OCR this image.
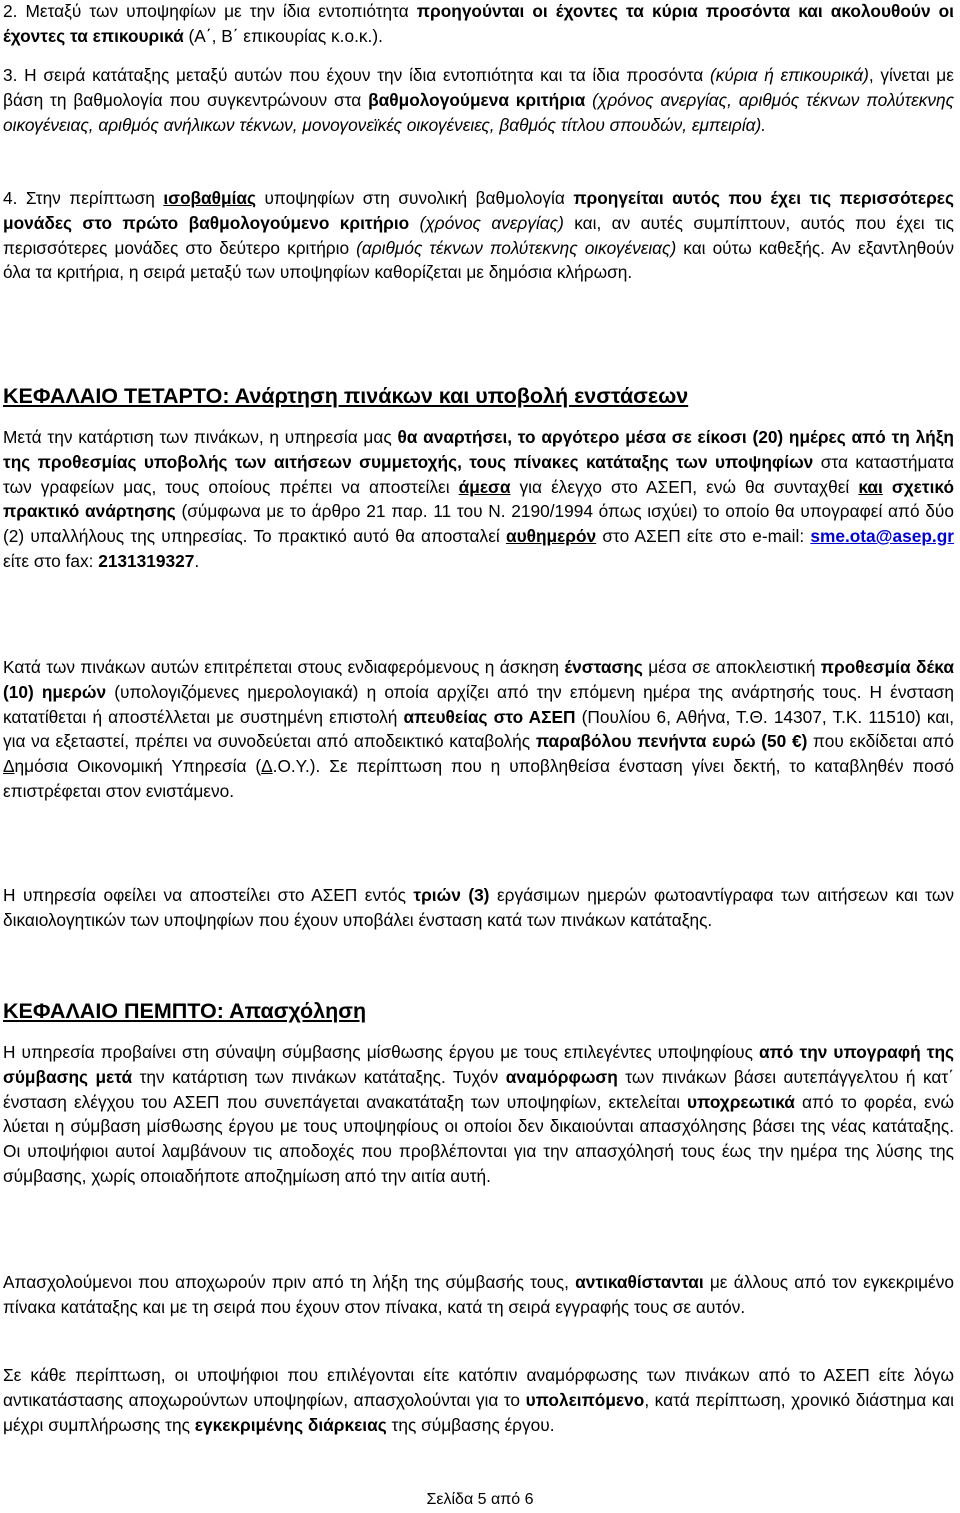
2. Μεταξύ των υποψηφίων με την ίδια εντοπιότητα προηγούνται οι έχοντες τα κύρια προσόντα και ακολουθούν οι έχοντες τα επικουρικά (Α΄, Β΄ επικουρίας κ.ο.κ.).

3. Η σειρά κατάταξης μεταξύ αυτών που έχουν την ίδια εντοπιότητα και τα ίδια προσόντα (κύρια ή επικουρικά), γίνεται με βάση τη βαθμολογία που συγκεντρώνουν στα βαθμολογούμενα κριτήρια (χρόνος ανεργίας, αριθμός τέκνων πολύτεκνης οικογένειας, αριθμός ανήλικων τέκνων, μονογονεϊκές οικογένειες, βαθμός τίτλου σπουδών, εμπειρία).

4. Στην περίπτωση ισοβαθμίας υποψηφίων στη συνολική βαθμολογία προηγείται αυτός που έχει τις περισσότερες μονάδες στο πρώτο βαθμολογούμενο κριτήριο (χρόνος ανεργίας) και, αν αυτές συμπίπτουν, αυτός που έχει τις περισσότερες μονάδες στο δεύτερο κριτήριο (αριθμός τέκνων πολύτεκνης οικογένειας) και ούτω καθεξής. Αν εξαντληθούν όλα τα κριτήρια, η σειρά μεταξύ των υποψηφίων καθορίζεται με δημόσια κλήρωση.

ΚΕΦΑΛΑΙΟ ΤΕΤΑΡΤΟ: Ανάρτηση πινάκων και υποβολή ενστάσεων

Μετά την κατάρτιση των πινάκων, η υπηρεσία μας θα αναρτήσει, το αργότερο μέσα σε είκοσι (20) ημέρες από τη λήξη της προθεσμίας υποβολής των αιτήσεων συμμετοχής, τους πίνακες κατάταξης των υποψηφίων στα καταστήματα των γραφείων μας, τους οποίους πρέπει να αποστείλει άμεσα για έλεγχο στο ΑΣΕΠ, ενώ θα συνταχθεί και σχετικό πρακτικό ανάρτησης (σύμφωνα με το άρθρο 21 παρ. 11 του Ν. 2190/1994 όπως ισχύει) το οποίο θα υπογραφεί από δύο (2) υπαλλήλους της υπηρεσίας. Το πρακτικό αυτό θα αποσταλεί αυθημερόν στο ΑΣΕΠ είτε στο e-mail: sme.ota@asep.gr είτε στο fax: 2131319327.

Κατά των πινάκων αυτών επιτρέπεται στους ενδιαφερόμενους η άσκηση ένστασης μέσα σε αποκλειστική προθεσμία δέκα (10) ημερών (υπολογιζόμενες ημερολογιακά) η οποία αρχίζει από την επόμενη ημέρα της ανάρτησής τους. Η ένσταση κατατίθεται ή αποστέλλεται με συστημένη επιστολή απευθείας στο ΑΣΕΠ (Πουλίου 6, Αθήνα, Τ.Θ. 14307, Τ.Κ. 11510) και, για να εξεταστεί, πρέπει να συνοδεύεται από αποδεικτικό καταβολής παραβόλου πενήντα ευρώ (50 €) που εκδίδεται από Δημόσια Οικονομική Υπηρεσία (Δ.Ο.Υ.). Σε περίπτωση που η υποβληθείσα ένσταση γίνει δεκτή, το καταβληθέν ποσό επιστρέφεται στον ενιστάμενο.

Η υπηρεσία οφείλει να αποστείλει στο ΑΣΕΠ εντός τριών (3) εργάσιμων ημερών φωτοαντίγραφα των αιτήσεων και των δικαιολογητικών των υποψηφίων που έχουν υποβάλει ένσταση κατά των πινάκων κατάταξης.

ΚΕΦΑΛΑΙΟ ΠΕΜΠΤΟ: Απασχόληση

Η υπηρεσία προβαίνει στη σύναψη σύμβασης μίσθωσης έργου με τους επιλεγέντες υποψηφίους από την υπογραφή της σύμβασης μετά την κατάρτιση των πινάκων κατάταξης. Τυχόν αναμόρφωση των πινάκων βάσει αυτεπάγγελτου ή κατ΄ ένσταση ελέγχου του ΑΣΕΠ που συνεπάγεται ανακατάταξη των υποψηφίων, εκτελείται υποχρεωτικά από το φορέα, ενώ λύεται η σύμβαση μίσθωσης έργου με τους υποψηφίους οι οποίοι δεν δικαιούνται απασχόλησης βάσει της νέας κατάταξης. Οι υποψήφιοι αυτοί λαμβάνουν τις αποδοχές που προβλέπονται για την απασχόλησή τους έως την ημέρα της λύσης της σύμβασης, χωρίς οποιαδήποτε αποζημίωση από την αιτία αυτή.

Απασχολούμενοι που αποχωρούν πριν από τη λήξη της σύμβασής τους, αντικαθίστανται με άλλους από τον εγκεκριμένο πίνακα κατάταξης και με τη σειρά που έχουν στον πίνακα, κατά τη σειρά εγγραφής τους σε αυτόν.

Σε κάθε περίπτωση, οι υποψήφιοι που επιλέγονται είτε κατόπιν αναμόρφωσης των πινάκων από το ΑΣΕΠ είτε λόγω αντικατάστασης αποχωρούντων υποψηφίων, απασχολούνται για το υπολειπόμενο, κατά περίπτωση, χρονικό διάστημα και μέχρι συμπλήρωσης της εγκεκριμένης διάρκειας της σύμβασης έργου.

Σελίδα 5 από 6
